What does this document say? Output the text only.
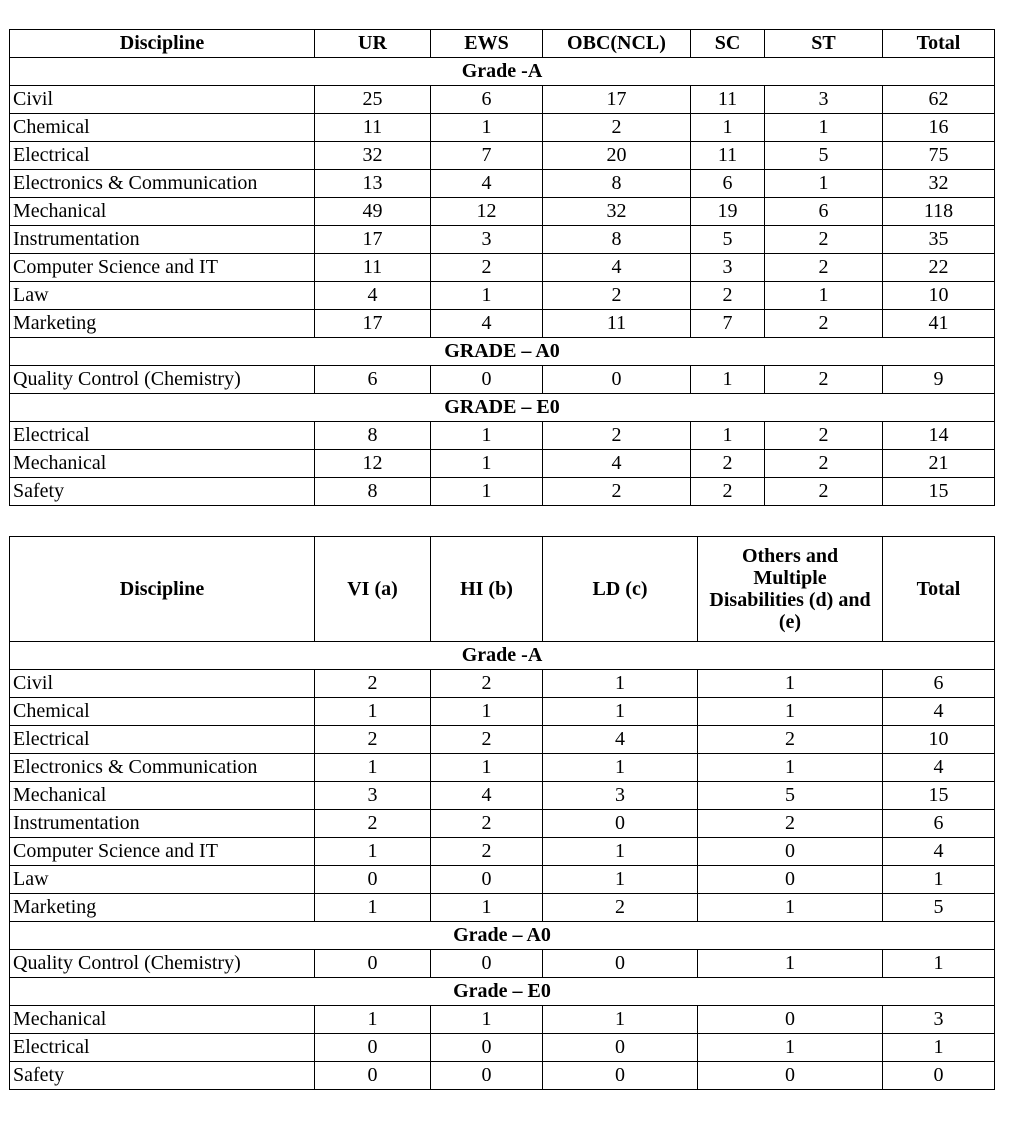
Discipline	UR	EWS	OBC(NCL)	SC	ST	Total
Grade -A						
Civil	25	6	17	11	3	62
Chemical	11	1	2	1	1	16
Electrical	32	7	20	11	5	75
Electronics & Communication	13	4	8	6	1	32
Mechanical	49	12	32	19	6	118
Instrumentation	17	3	8	5	2	35
Computer Science and IT	11	2	4	3	2	22
Law	4	1	2	2	1	10
Marketing	17	4	11	7	2	41
GRADE – A0						
Quality Control (Chemistry)	6	0	0	1	2	9
GRADE – E0						
Electrical	8	1	2	1	2	14
Mechanical	12	1	4	2	2	21
Safety	8	1	2	2	2	15
Discipline	VI (a)	HI (b)	LD (c)	Others and Multiple Disabilities (d) and (e)	Total
Grade -A					
Civil	2	2	1	1	6
Chemical	1	1	1	1	4
Electrical	2	2	4	2	10
Electronics & Communication	1	1	1	1	4
Mechanical	3	4	3	5	15
Instrumentation	2	2	0	2	6
Computer Science and IT	1	2	1	0	4
Law	0	0	1	0	1
Marketing	1	1	2	1	5
Grade – A0					
Quality Control (Chemistry)	0	0	0	1	1
Grade – E0					
Mechanical	1	1	1	0	3
Electrical	0	0	0	1	1
Safety	0	0	0	0	0
